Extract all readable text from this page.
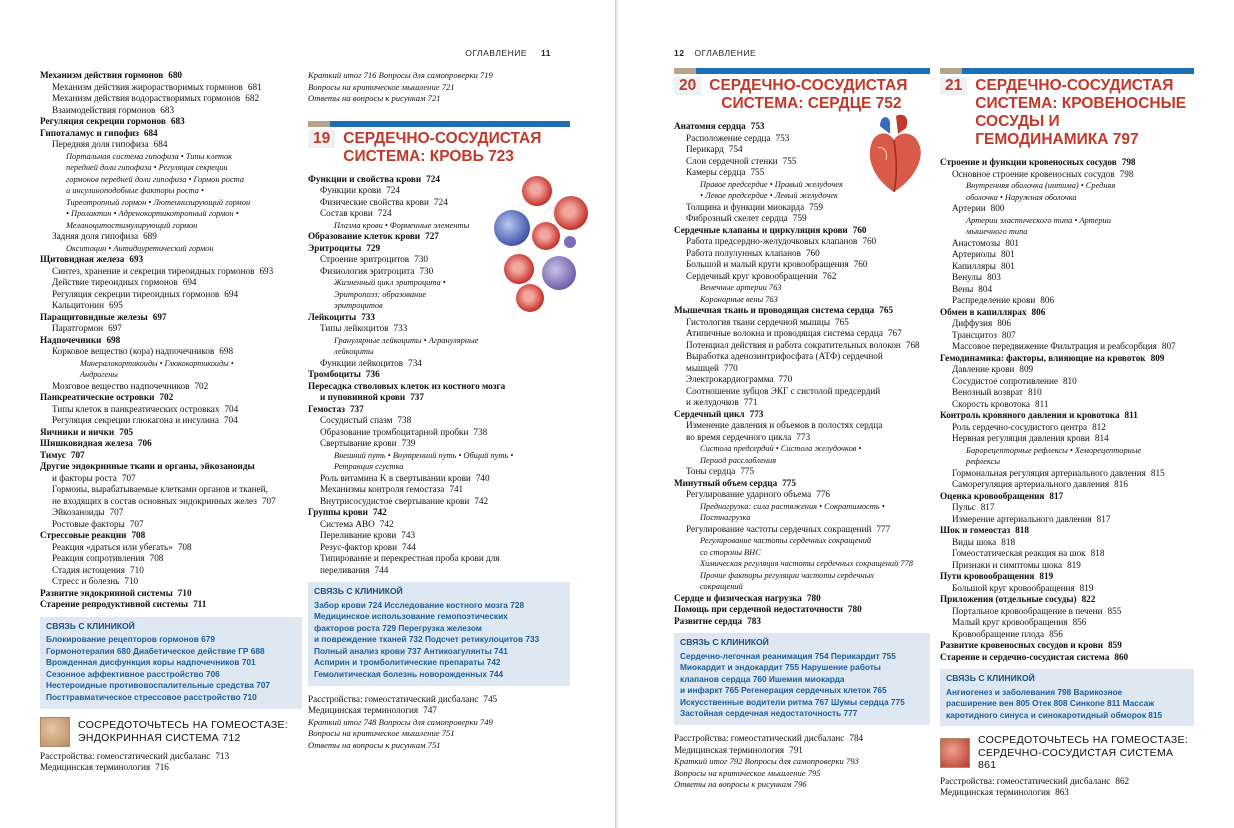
ОГЛАВЛЕНИЕ 11
Механизм действия гормонов 680
Механизм действия жирорастворимых гормонов 681
Механизм действия водорастворимых гормонов 682
Взаимодействия гормонов 683
Регуляция секреции гормонов 683
Гипоталамус и гипофиз 684
Передняя доля гипофиза 684
Портальная система гипофиза • Типы клеток
передней доли гипофиза • Регуляция секреции
гормонов передней доли гипофиза • Гормон роста
и инсулиноподобные факторы роста •
Тиреотропный гормон • Лютеинизирующий гормон
• Пролактин • Адренокортикотропный гормон •
Меланоцитостимулирующий гормон
Задняя доля гипофиза 689
Окситоцин • Антидиуретический гормон
Щитовидная железа 693
Синтез, хранение и секреция тиреоидных гормонов 693
Действие тиреоидных гормонов 694
Регуляция секреции тиреоидных гормонов 694
Кальцитонин 695
Паращитовидные железы 697
Паратгормон 697
Надпочечники 698
Корковое вещество (кора) надпочечников 698
Минералокортикоиды • Глюкокортикоиды •
Андрогены
Мозговое вещество надпочечников 702
Панкреатические островки 702
Типы клеток в панкреатических островках 704
Регуляция секреции глюкагона и инсулина 704
Яичники и яички 705
Шишковидная железа 706
Тимус 707
Другие эндокринные ткани и органы, эйкозаноиды
и факторы роста 707
Гормоны, вырабатываемые клетками органов и тканей,
не входящих в состав основных эндокринных желез 707
Эйкозаноиды 707
Ростовые факторы 707
Стрессовые реакции 708
Реакция «драться или убегать» 708
Реакция сопротивления 708
Стадия истощения 710
Стресс и болезнь 710
Развитие эндокринной системы 710
Старение репродуктивной системы 711
СВЯЗЬ С КЛИНИКОЙ
Блокирование рецепторов гормонов 679
Гормонотерапия 680 Диабетическое действие ГР 688
Врожденная дисфункция коры надпочечников 701
Сезонное аффективное расстройство 706
Нестероидные противовоспалительные средства 707
Посттравматическое стрессовое расстройство 710
СОСРЕДОТОЧЬТЕСЬ НА ГОМЕОСТАЗЕ:
ЭНДОКРИННАЯ СИСТЕМА 712
Расстройства: гомеостатический дисбаланс 713
Медицинская терминология 716
Краткий итог 716 Вопросы для самопроверки 719
Вопросы на критическое мышление 721
Ответы на вопросы к рисункам 721
19 СЕРДЕЧНО-СОСУДИСТАЯ
СИСТЕМА: КРОВЬ 723
Функции и свойства крови 724
Функции крови 724
Физические свойства крови 724
Состав крови 724
Плазма крови • Форменные элементы
Образование клеток крови 727
Эритроциты 729
Строение эритроцитов 730
Физиология эритроцита 730
Жизненный цикл эритроцита •
Эритропоэз: образование
эритроцитов
Лейкоциты 733
Типы лейкоцитов 733
Гранулярные лейкоциты • Агранулярные
лейкоциты
Функции лейкоцитов 734
Тромбоциты 736
Пересадка стволовых клеток из костного мозга
и пуповинной крови 737
Гемостаз 737
Сосудистый спазм 738
Образование тромбоцитарной пробки 738
Свертывание крови 739
Внешний путь • Внутренний путь • Общий путь •
Ретракция сгустка
Роль витамина K в свертывании крови 740
Механизмы контроля гемостаза 741
Внутрисосудистое свертывание крови 742
Группы крови 742
Система ABO 742
Переливание крови 743
Резус-фактор крови 744
Типирование и перекрестная проба крови для
переливания 744
СВЯЗЬ С КЛИНИКОЙ
Забор крови 724 Исследование костного мозга 728
Медицинское использование гемопоэтических
факторов роста 729 Перегрузка железом
и повреждение тканей 732 Подсчет ретикулоцитов 733
Полный анализ крови 737 Антикоагулянты 741
Аспирин и тромболитические препараты 742
Гемолитическая болезнь новорожденных 744
Расстройства: гомеостатический дисбаланс 745
Медицинская терминология 747
Краткий итог 748 Вопросы для самопроверки 749
Вопросы на критическое мышление 751
Ответы на вопросы к рисункам 751
12 ОГЛАВЛЕНИЕ
20 СЕРДЕЧНО-СОСУДИСТАЯ
СИСТЕМА: СЕРДЦЕ 752
Анатомия сердца 753
Расположение сердца 753
Перикард 754
Слои сердечной стенки 755
Камеры сердца 755
Правое предсердие • Правый желудочек
• Левое предсердие • Левый желудочек
Толщина и функции миокарда 759
Фиброзный скелет сердца 759
Сердечные клапаны и циркуляция крови 760
Работа предсердно-желудочковых клапанов 760
Работа полулунных клапанов 760
Большой и малый круги кровообращения 760
Сердечный круг кровообращения 762
Венечные артерии 763
Коронарные вены 763
Мышечная ткань и проводящая система сердца 765
Гистология ткани сердечной мышцы 765
Атипичные волокна и проводящая система сердца 767
Потенциал действия и работа сократительных волокон 768
Выработка аденозинтрифосфата (АТФ) сердечной
мышцей 770
Электрокардиограмма 770
Соотношение зубцов ЭКГ с систолой предсердий
и желудочков 771
Сердечный цикл 773
Изменение давления и объемов в полостях сердца
во время сердечного цикла 773
Систола предсердий • Систола желудочков •
Период расслабления
Тоны сердца 775
Минутный объем сердца 775
Регулирование ударного объема 776
Преднагрузка: сила растяжения • Сократимость •
Постнагрузка
Регулирование частоты сердечных сокращений 777
Регулирование частоты сердечных сокращений
со стороны ВНС
Химическая регуляция частоты сердечных сокращений 778
Прочие факторы регуляции частоты сердечных
сокращений
Сердце и физическая нагрузка 780
Помощь при сердечной недостаточности 780
Развитие сердца 783
СВЯЗЬ С КЛИНИКОЙ
Сердечно-легочная реанимация 754 Перикардит 755
Миокардит и эндокардит 755 Нарушение работы
клапанов сердца 760 Ишемия миокарда
и инфаркт 765 Регенерация сердечных клеток 765
Искусственные водители ритма 767 Шумы сердца 775
Застойная сердечная недостаточность 777
Расстройства: гомеостатический дисбаланс 784
Медицинская терминология 791
Краткий итог 792 Вопросы для самопроверки 793
Вопросы на критическое мышление 795
Ответы на вопросы к рисункам 796
21 СЕРДЕЧНО-СОСУДИСТАЯ
СИСТЕМА: КРОВЕНОСНЫЕ
СОСУДЫ И ГЕМОДИНАМИКА 797
Строение и функции кровеносных сосудов 798
Основное строение кровеносных сосудов 798
Внутренняя оболочка (интима) • Средняя
оболочка • Наружная оболочка
Артерии 800
Артерии эластического типа • Артерии
мышечного типа
Анастомозы 801
Артериолы 801
Капилляры 801
Венулы 803
Вены 804
Распределение крови 806
Обмен в капиллярах 806
Диффузия 806
Трансцитоз 807
Массовое передвижение Фильтрация и реабсорбция 807
Гемодинамика: факторы, влияющие на кровоток 809
Давление крови 809
Сосудистое сопротивление 810
Венозный возврат 810
Скорость кровотока 811
Контроль кровяного давления и кровотока 811
Роль сердечно-сосудистого центра 812
Нервная регуляция давления крови 814
Барорецепторные рефлексы • Хеморецепторные
рефлексы
Гормональная регуляция артериального давления 815
Саморегуляция артериального давления 816
Оценка кровообращения 817
Пульс 817
Измерение артериального давления 817
Шок и гомеостаз 818
Виды шока 818
Гомеостатическая реакция на шок 818
Признаки и симптомы шока 819
Пути кровообращения 819
Большой круг кровообращения 819
Приложения (отдельные сосуды) 822
Портальное кровообращение в печени 855
Малый круг кровообращения 856
Кровообращение плода 856
Развитие кровеносных сосудов и крови 859
Старение и сердечно-сосудистая система 860
СВЯЗЬ С КЛИНИКОЙ
Ангиогенез и заболевания 798 Варикозное
расширение вен 805 Отек 808 Синкопе 811 Массаж
каротидного синуса и синокаротидный обморок 815
СОСРЕДОТОЧЬТЕСЬ НА ГОМЕОСТАЗЕ:
СЕРДЕЧНО-СОСУДИСТАЯ СИСТЕМА 861
Расстройства: гомеостатический дисбаланс 862
Медицинская терминология 863
